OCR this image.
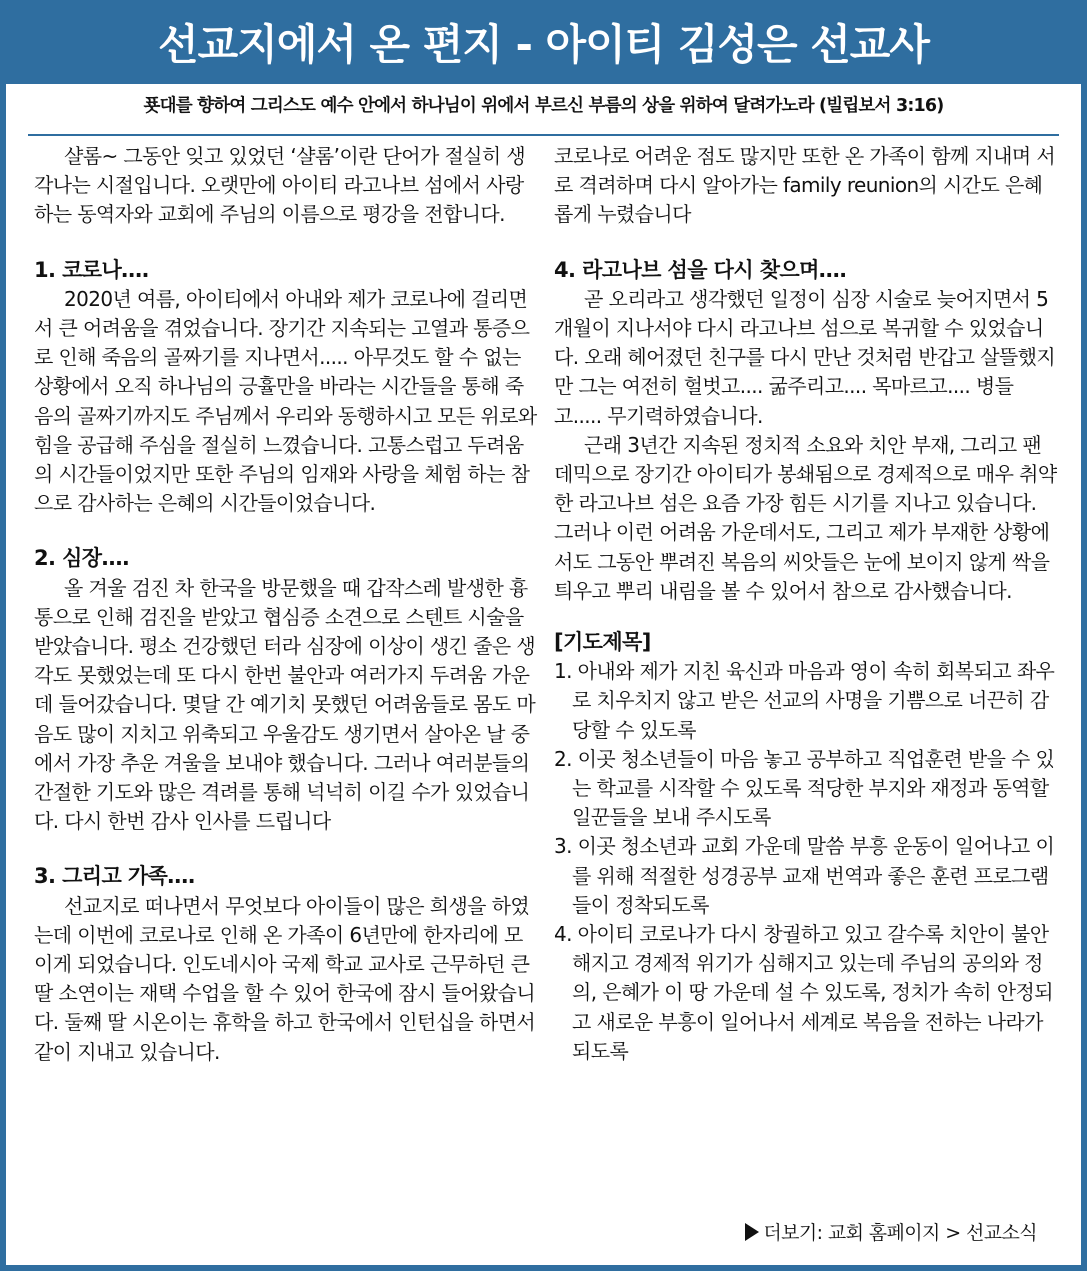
선교지에서 온 편지 - 아이티 김성은 선교사
푯대를 향하여 그리스도 예수 안에서 하나님이 위에서 부르신 부름의 상을 위하여 달려가노라 (빌립보서 3:16)

샬롬~ 그동안 잊고 있었던 ‘샬롬’이란 단어가 절실히 생각나는 시절입니다. 오랫만에 아이티 라고나브 섬에서 사랑하는 동역자와 교회에 주님의 이름으로 평강을 전합니다.

1. 코로나….

2020년 여름, 아이티에서 아내와 제가 코로나에 걸리면서 큰 어려움을 겪었습니다. 장기간 지속되는 고열과 통증으로 인해 죽음의 골짜기를 지나면서..... 아무것도 할 수 없는 상황에서 오직 하나님의 긍휼만을 바라는 시간들을 통해 죽음의 골짜기까지도 주님께서 우리와 동행하시고 모든 위로와 힘을 공급해 주심을 절실히 느꼈습니다. 고통스럽고 두려움의 시간들이었지만 또한 주님의 임재와 사랑을 체험 하는 참으로 감사하는 은혜의 시간들이었습니다.

2. 심장….

올 겨울 검진 차 한국을 방문했을 때 갑작스레 발생한 흉통으로 인해 검진을 받았고 협심증 소견으로 스텐트 시술을 받았습니다. 평소 건강했던 터라 심장에 이상이 생긴 줄은 생각도 못했었는데 또 다시 한번 불안과 여러가지 두려움 가운데 들어갔습니다. 몇달 간 예기치 못했던 어려움들로 몸도 마음도 많이 지치고 위축되고 우울감도 생기면서 살아온 날 중에서 가장 추운 겨울을 보내야 했습니다. 그러나 여러분들의 간절한 기도와 많은 격려를 통해 넉넉히 이길 수가 있었습니다. 다시 한번 감사 인사를 드립니다

3. 그리고 가족….

선교지로 떠나면서 무엇보다 아이들이 많은 희생을 하였는데 이번에 코로나로 인해 온 가족이 6년만에 한자리에 모이게 되었습니다. 인도네시아 국제 학교 교사로 근무하던 큰 딸 소연이는 재택 수업을 할 수 있어 한국에 잠시 들어왔습니다. 둘째 딸 시온이는 휴학을 하고 한국에서 인턴십을 하면서 같이 지내고 있습니다.

코로나로 어려운 점도 많지만 또한 온 가족이 함께 지내며 서로 격려하며 다시 알아가는 family reunion의 시간도 은혜롭게 누렸습니다

4. 라고나브 섬을 다시 찾으며….

곧 오리라고 생각했던 일정이 심장 시술로 늦어지면서 5개월이 지나서야 다시 라고나브 섬으로 복귀할 수 있었습니다. 오래 헤어졌던 친구를 다시 만난 것처럼 반갑고 살뜰했지만 그는 여전히 헐벗고.... 굶주리고.... 목마르고.... 병들고..... 무기력하였습니다.

근래 3년간 지속된 정치적 소요와 치안 부재, 그리고 팬데믹으로 장기간 아이티가 봉쇄됨으로 경제적으로 매우 취약한 라고나브 섬은 요즘 가장 힘든 시기를 지나고 있습니다. 그러나 이런 어려움 가운데서도, 그리고 제가 부재한 상황에서도 그동안 뿌려진 복음의 씨앗들은 눈에 보이지 않게 싹을 틔우고 뿌리 내림을 볼 수 있어서 참으로 감사했습니다.

[기도제목]

1. 아내와 제가 지친 육신과 마음과 영이 속히 회복되고 좌우로 치우치지 않고 받은 선교의 사명을 기쁨으로 너끈히 감당할 수 있도록
2. 이곳 청소년들이 마음 놓고 공부하고 직업훈련 받을 수 있는 학교를 시작할 수 있도록 적당한 부지와 재정과 동역할 일꾼들을 보내 주시도록
3. 이곳 청소년과 교회 가운데 말씀 부흥 운동이 일어나고 이를 위해 적절한 성경공부 교재 번역과 좋은 훈련 프로그램들이 정착되도록
4. 아이티 코로나가 다시 창궐하고 있고 갈수록 치안이 불안해지고 경제적 위기가 심해지고 있는데 주님의 공의와 정의, 은혜가 이 땅 가운데 설 수 있도록, 정치가 속히 안정되고 새로운 부흥이 일어나서 세계로 복음을 전하는 나라가 되도록
더보기: 교회 홈페이지 > 선교소식
